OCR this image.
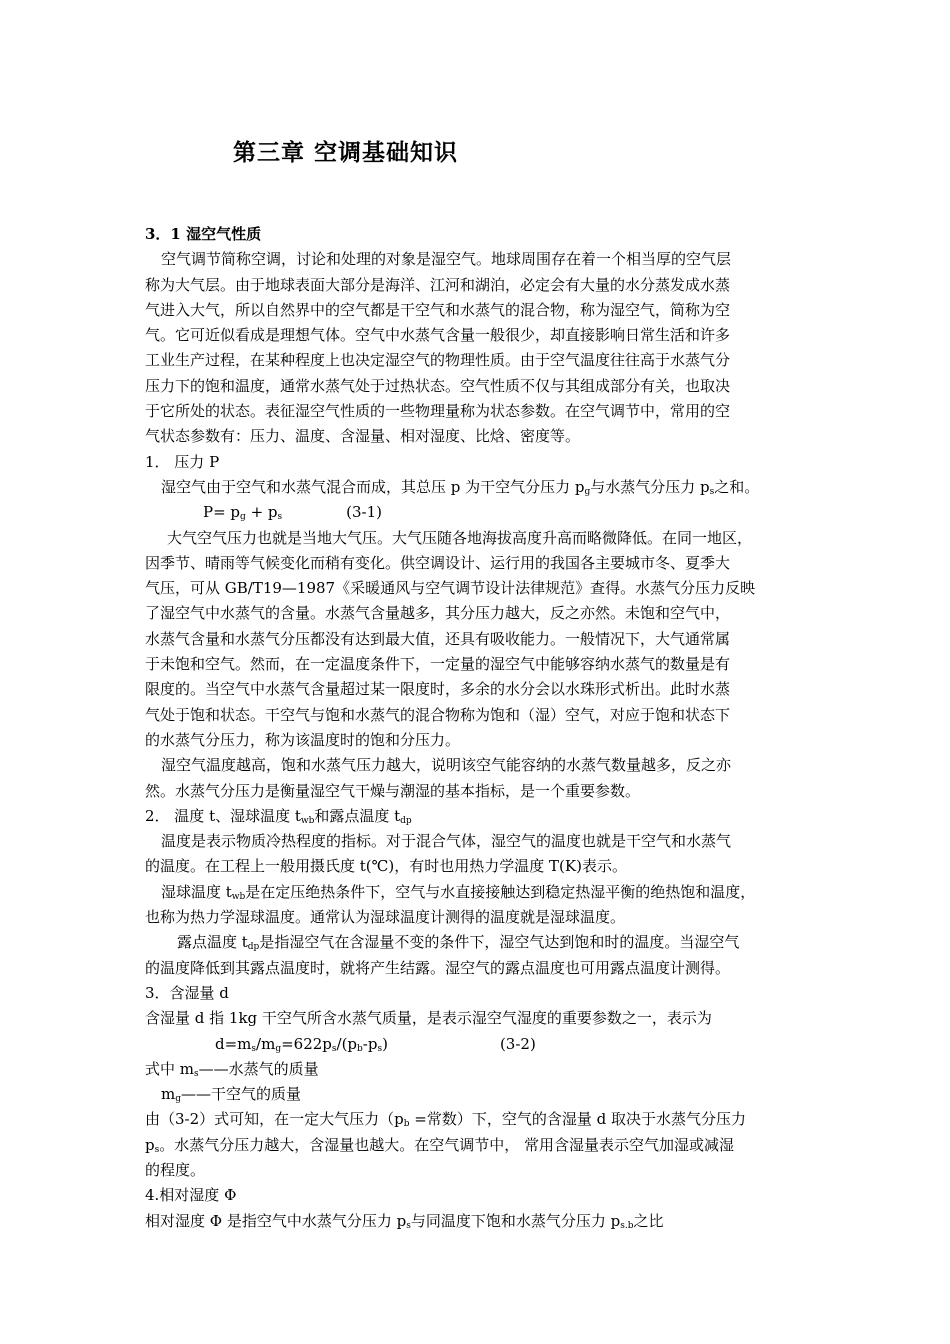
第三章 空调基础知识

3．1 湿空气性质

空气调节简称空调，讨论和处理的对象是湿空气。地球周围存在着一个相当厚的空气层

称为大气层。由于地球表面大部分是海洋、江河和湖泊，必定会有大量的水分蒸发成水蒸

气进入大气，所以自然界中的空气都是干空气和水蒸气的混合物，称为湿空气，简称为空

气。它可近似看成是理想气体。空气中水蒸气含量一般很少，却直接影响日常生活和许多

工业生产过程，在某种程度上也决定湿空气的物理性质。由于空气温度往往高于水蒸气分

压力下的饱和温度，通常水蒸气处于过热状态。空气性质不仅与其组成部分有关，也取决

于它所处的状态。表征湿空气性质的一些物理量称为状态参数。在空气调节中，常用的空

气状态参数有：压力、温度、含湿量、相对湿度、比焓、密度等。

1． 压力 P

湿空气由于空气和水蒸气混合而成，其总压 p 为干空气分压力 $p_g$与水蒸气分压力 $p_s$之和。

$P= p_g + p_s$	(3-1)

大气空气压力也就是当地大气压。大气压随各地海拔高度升高而略微降低。在同一地区，

因季节、晴雨等气候变化而稍有变化。供空调设计、运行用的我国各主要城市冬、夏季大

气压，可从 GB/T19—1987《采暖通风与空气调节设计法律规范》查得。水蒸气分压力反映

了湿空气中水蒸气的含量。水蒸气含量越多，其分压力越大，反之亦然。未饱和空气中，

水蒸气含量和水蒸气分压都没有达到最大值，还具有吸收能力。一般情况下，大气通常属

于未饱和空气。然而，在一定温度条件下，一定量的湿空气中能够容纳水蒸气的数量是有

限度的。当空气中水蒸气含量超过某一限度时，多余的水分会以水珠形式析出。此时水蒸

气处于饱和状态。干空气与饱和水蒸气的混合物称为饱和（湿）空气，对应于饱和状态下

的水蒸气分压力，称为该温度时的饱和分压力。

湿空气温度越高，饱和水蒸气压力越大，说明该空气能容纳的水蒸气数量越多，反之亦

然。水蒸气分压力是衡量湿空气干燥与潮湿的基本指标，是一个重要参数。

2． 温度 t、湿球温度 $t_{wb}$和露点温度 $t_{dp}$

温度是表示物质冷热程度的指标。对于混合气体，湿空气的温度也就是干空气和水蒸气

的温度。在工程上一般用摄氏度 t(℃)，有时也用热力学温度 T(K)表示。

湿球温度 $t_{wb}$是在定压绝热条件下，空气与水直接接触达到稳定热湿平衡的绝热饱和温度，

也称为热力学湿球温度。通常认为湿球温度计测得的温度就是湿球温度。

露点温度 $t_{dp}$是指湿空气在含湿量不变的条件下，湿空气达到饱和时的温度。当湿空气

的温度降低到其露点温度时，就将产生结露。湿空气的露点温度也可用露点温度计测得。

3．含湿量 d

含湿量 d 指 1kg 干空气所含水蒸气质量，是表示湿空气湿度的重要参数之一，表示为

$d=m_s/m_g=622p_s/(p_b-p_s)$	(3-2)

式中 $m_s——$水蒸气的质量

$m_g——$干空气的质量

由（3-2）式可知，在一定大气压力（$p_b$ =常数）下，空气的含湿量 d 取决于水蒸气分压力

$p_s$。水蒸气分压力越大，含湿量也越大。在空气调节中， 常用含湿量表示空气加湿或减湿

的程度。

4.相对湿度 Φ

相对湿度 Φ 是指空气中水蒸气分压力 $p_s$与同温度下饱和水蒸气分压力 $p_{s.b}$之比
